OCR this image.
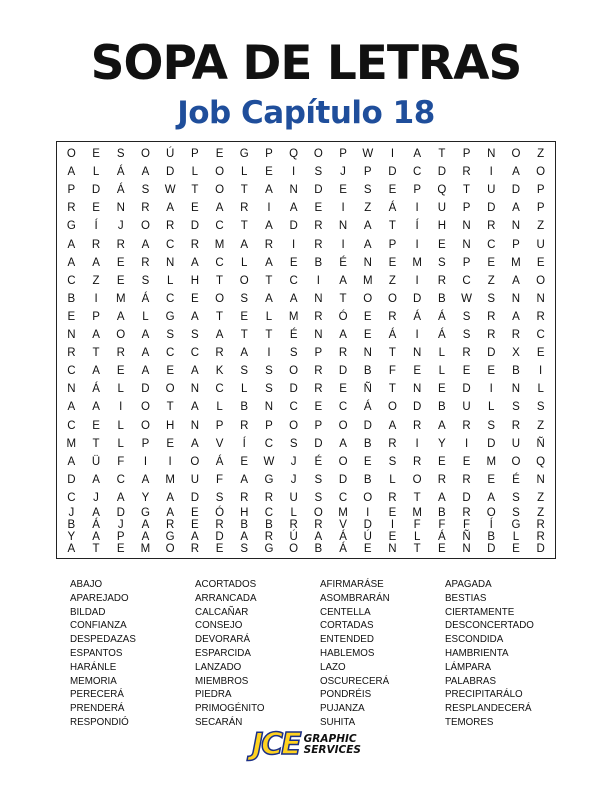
SOPA DE LETRAS
Job Capítulo 18
O	E	S	O	Ú	P	E	G	P	Q	O	P	W	I	A	T	P	N	O	Z
A	L	Á	A	D	L	O	L	E	I	S	J	P	D	C	D	R	I	A	O
P	D	Á	S	W	T	O	T	A	N	D	E	S	E	P	Q	T	U	D	P
R	E	N	R	A	E	A	R	I	A	E	I	Z	Á	I	U	P	D	A	P
G	Í	J	O	R	D	C	T	A	D	R	N	A	T	Í	H	N	R	N	Z
A	R	R	A	C	R	M	A	R	I	R	I	A	P	I	E	N	C	P	U
A	A	E	R	N	A	C	L	A	E	B	É	N	E	M	S	P	E	M	E
C	Z	E	S	L	H	T	O	T	C	I	A	M	Z	I	R	C	Z	A	O
B	I	M	Á	C	E	O	S	A	A	N	T	O	O	D	B	W	S	N	N
E	P	A	L	G	A	T	E	L	M	R	Ó	E	R	Á	Á	S	R	A	R
N	A	O	A	S	S	A	T	T	É	N	A	E	Á	I	Á	S	R	R	C
R	T	R	A	C	C	R	A	I	S	P	R	N	T	N	L	R	D	X	E
C	A	E	A	E	A	K	S	S	O	R	D	B	F	E	L	E	E	B	I
N	Á	L	D	O	N	C	L	S	D	R	E	Ñ	T	N	E	D	I	N	L
A	A	I	O	T	A	L	B	N	C	E	C	Á	O	D	B	U	L	S	S
C	E	L	O	H	N	P	R	P	O	P	O	D	A	R	A	R	S	R	Z
M	T	L	P	E	A	V	Í	C	S	D	A	B	R	I	Y	I	D	U	Ñ
A	Ü	F	I	I	O	Á	E	W	J	É	O	E	S	R	E	E	M	O	Q
D	A	C	A	M	U	F	A	G	J	S	D	B	L	O	R	R	E	É	N
C	J	A	Y	A	D	S	R	R	U	S	C	O	R	T	A	D	A	S	Z
J	A	D	G	A	E	Ó	H	C	L	O	M	I	E	M	B	R	O	S	Z
B	Á	J	A	R	E	R	B	B	R	R	V	D	I	F	F	F	Í	G	R
Y	A	P	A	G	A	D	A	R	Ú	A	Á	Ú	E	L	Á	Ñ	B	L	R
A	T	E	M	O	R	E	S	G	O	B	Á	E	N	T	E	N	D	E	D
ABAJO
APAREJADO
BILDAD
CONFIANZA
DESPEDAZAS
ESPANTOS
HARÁNLE
MEMORIA
PERECERÁ
PRENDERÁ
RESPONDIÓ
ACORTADOS
ARRANCADA
CALCAÑAR
CONSEJO
DEVORARÁ
ESPARCIDA
LANZADO
MIEMBROS
PIEDRA
PRIMOGÉNITO
SECARÁN
AFIRMARÁSE
ASOMBRARÁN
CENTELLA
CORTADAS
ENTENDED
HABLEMOS
LAZO
OSCURECERÁ
PONDRÉIS
PUJANZA
SUHITA
APAGADA
BESTIAS
CIERTAMENTE
DESCONCERTADO
ESCONDIDA
HAMBRIENTA
LÁMPARA
PALABRAS
PRECIPITARÁLO
RESPLANDECERÁ
TEMORES
JCE GRAPHIC
SERVICES
